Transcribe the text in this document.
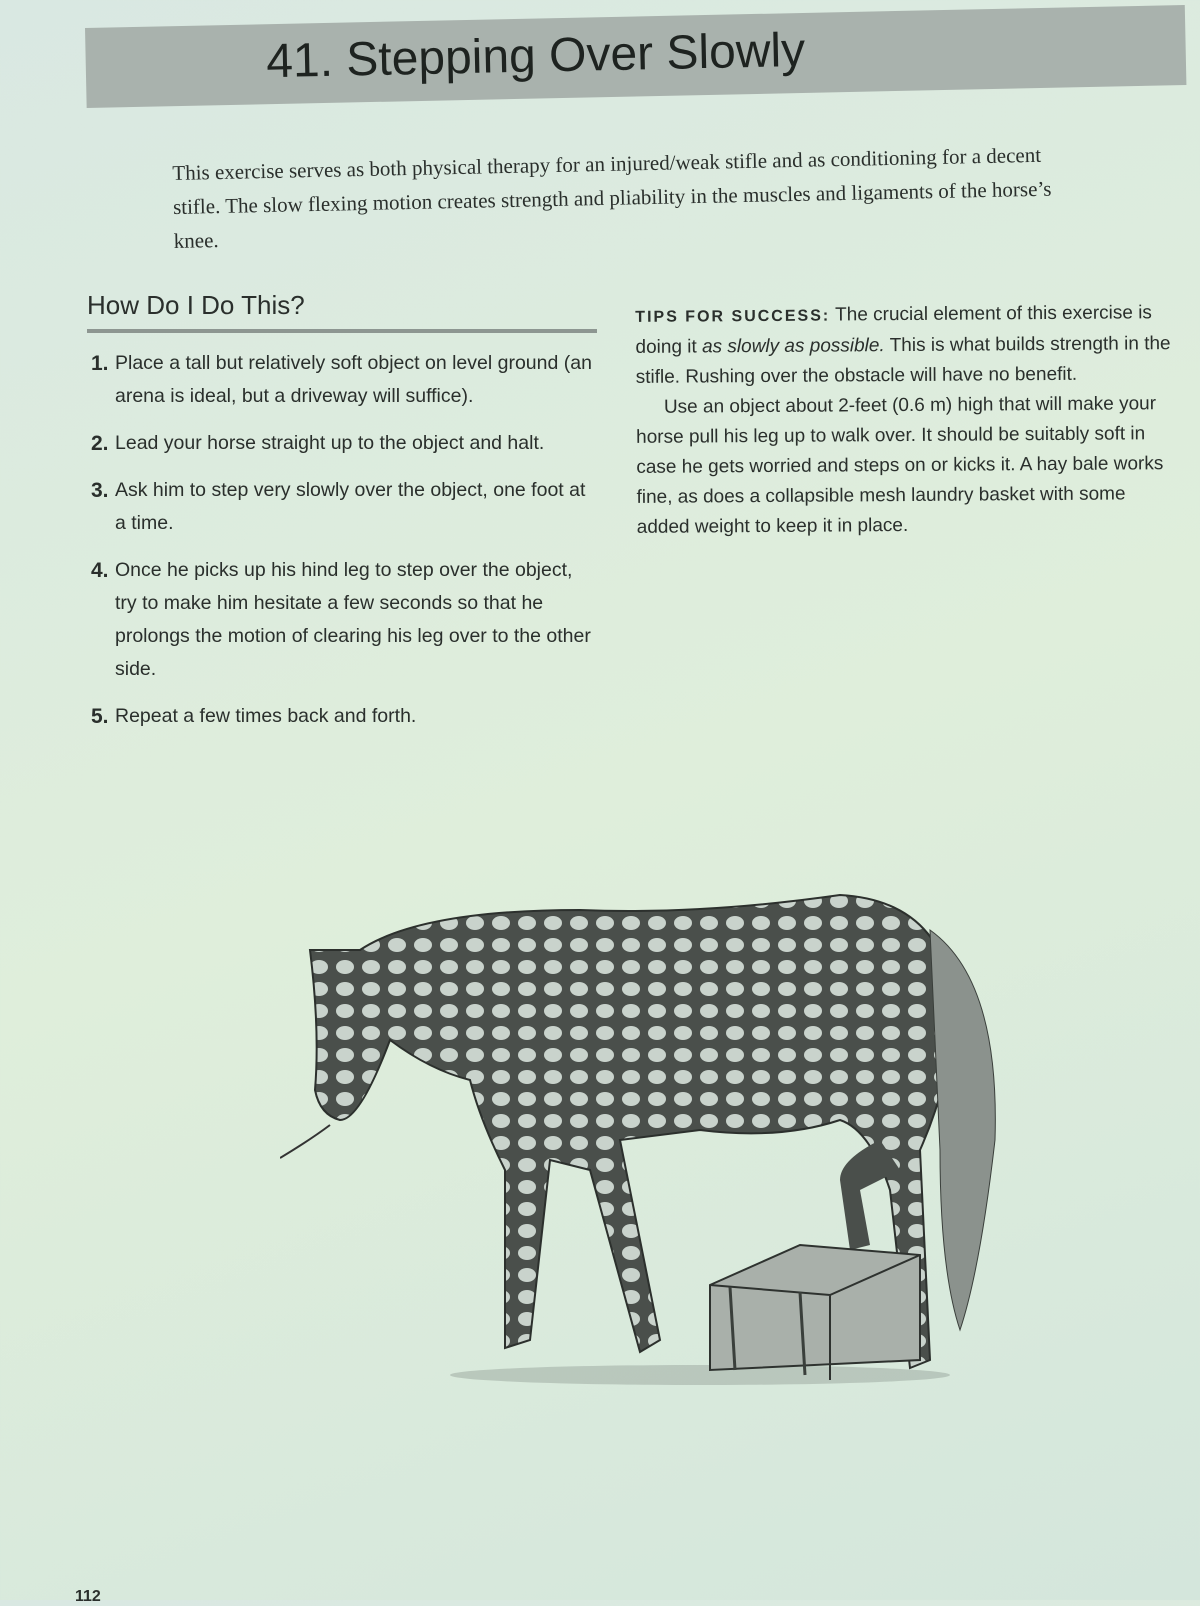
41. Stepping Over Slowly

This exercise serves as both physical therapy for an injured/weak stifle and as conditioning for a decent stifle. The slow flexing motion creates strength and pliability in the muscles and ligaments of the horse’s knee.

How Do I Do This?
1. Place a tall but relatively soft object on level ground (an arena is ideal, but a driveway will suffice).
2. Lead your horse straight up to the object and halt.
3. Ask him to step very slowly over the object, one foot at a time.
4. Once he picks up his hind leg to step over the object, try to make him hesitate a few seconds so that he prolongs the motion of clearing his leg over to the other side.
5. Repeat a few times back and forth.

TIPS FOR SUCCESS: The crucial element of this exercise is doing it as slowly as possible. This is what builds strength in the stifle. Rushing over the obstacle will have no benefit.

Use an object about 2-feet (0.6 m) high that will make your horse pull his leg up to walk over. It should be suitably soft in case he gets worried and steps on or kicks it. A hay bale works fine, as does a collapsible mesh laundry basket with some added weight to keep it in place.

112
